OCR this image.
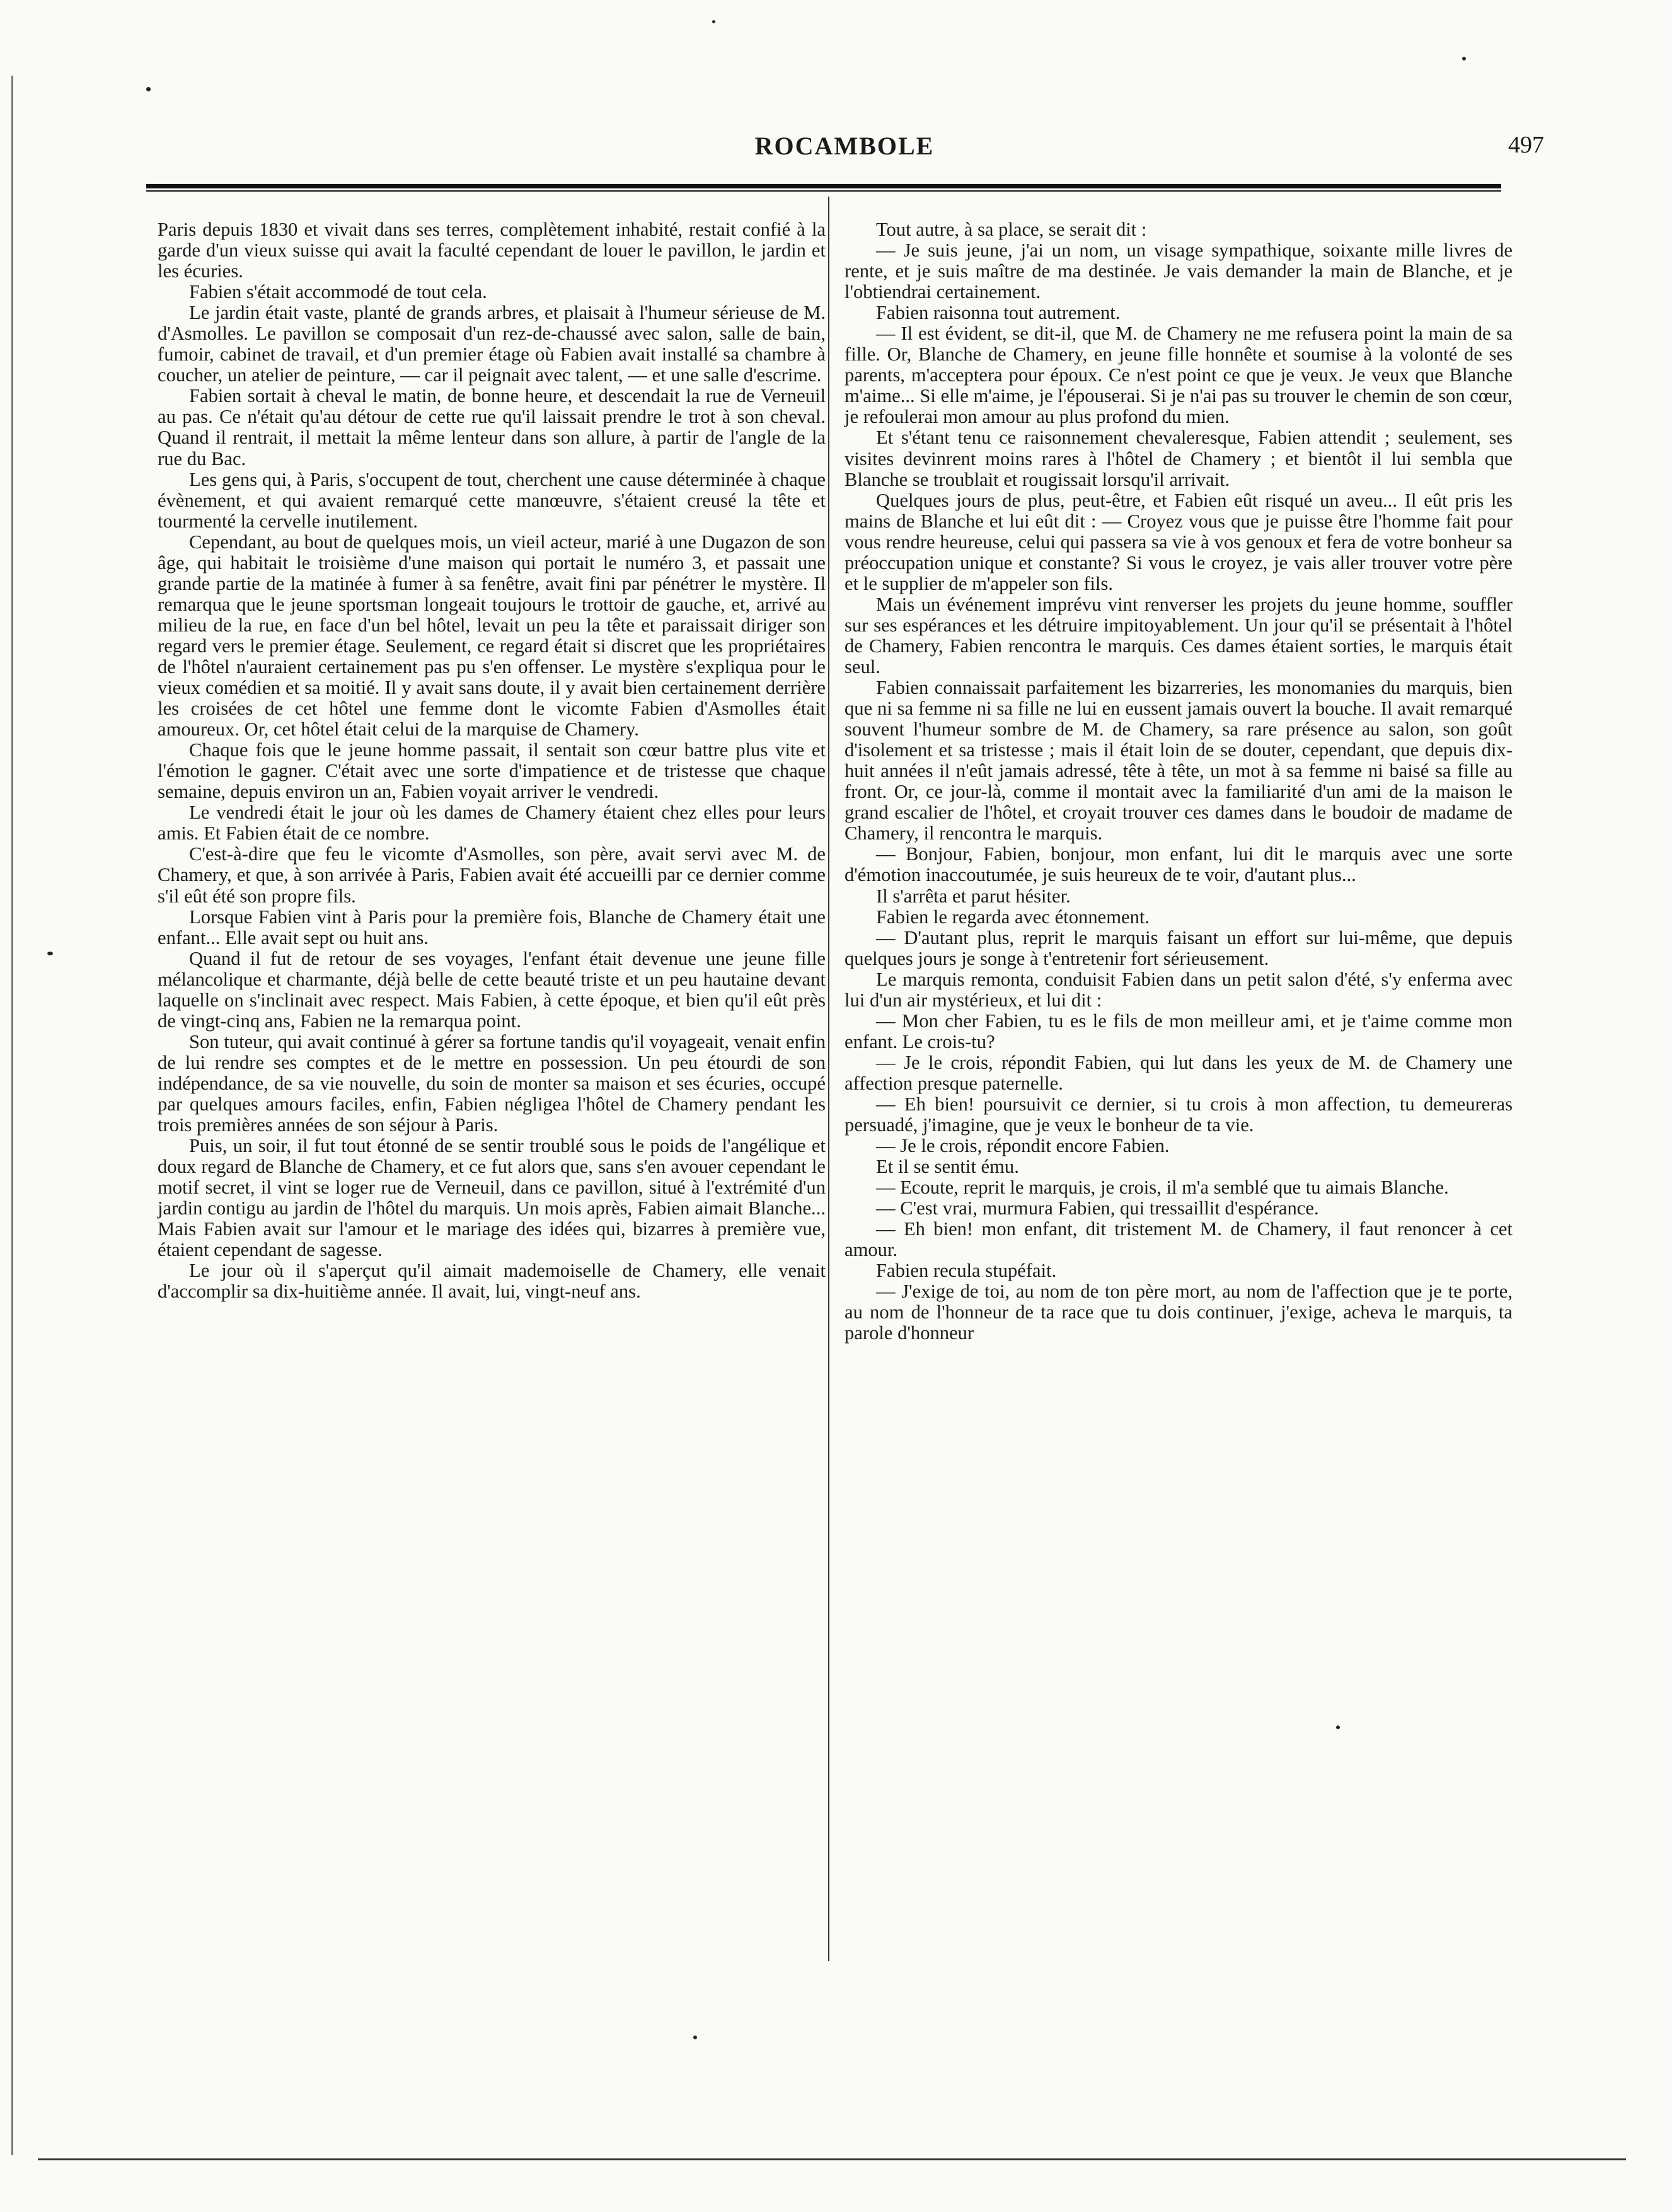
ROCAMBOLE	497

Paris depuis 1830 et vivait dans ses terres, complètement inhabité, restait confié à la garde d'un vieux suisse qui avait la faculté cependant de louer le pavillon, le jardin et les écuries.

Fabien s'était accommodé de tout cela.

Le jardin était vaste, planté de grands arbres, et plaisait à l'humeur sérieuse de M. d'Asmolles. Le pavillon se composait d'un rez-de-chaussé avec salon, salle de bain, fumoir, cabinet de travail, et d'un premier étage où Fabien avait installé sa chambre à coucher, un atelier de peinture, — car il peignait avec talent, — et une salle d'escrime.

Fabien sortait à cheval le matin, de bonne heure, et descendait la rue de Verneuil au pas. Ce n'était qu'au détour de cette rue qu'il laissait prendre le trot à son cheval. Quand il rentrait, il mettait la même lenteur dans son allure, à partir de l'angle de la rue du Bac.

Les gens qui, à Paris, s'occupent de tout, cherchent une cause déterminée à chaque évènement, et qui avaient remarqué cette manœuvre, s'étaient creusé la tête et tourmenté la cervelle inutilement.

Cependant, au bout de quelques mois, un vieil acteur, marié à une Dugazon de son âge, qui habitait le troisième d'une maison qui portait le numéro 3, et passait une grande partie de la matinée à fumer à sa fenêtre, avait fini par pénétrer le mystère. Il remarqua que le jeune sportsman longeait toujours le trottoir de gauche, et, arrivé au milieu de la rue, en face d'un bel hôtel, levait un peu la tête et paraissait diriger son regard vers le premier étage. Seulement, ce regard était si discret que les propriétaires de l'hôtel n'auraient certainement pas pu s'en offenser. Le mystère s'expliqua pour le vieux comédien et sa moitié. Il y avait sans doute, il y avait bien certainement derrière les croisées de cet hôtel une femme dont le vicomte Fabien d'Asmolles était amoureux. Or, cet hôtel était celui de la marquise de Chamery.

Chaque fois que le jeune homme passait, il sentait son cœur battre plus vite et l'émotion le gagner. C'était avec une sorte d'impatience et de tristesse que chaque semaine, depuis environ un an, Fabien voyait arriver le vendredi.

Le vendredi était le jour où les dames de Chamery étaient chez elles pour leurs amis. Et Fabien était de ce nombre.

C'est-à-dire que feu le vicomte d'Asmolles, son père, avait servi avec M. de Chamery, et que, à son arrivée à Paris, Fabien avait été accueilli par ce dernier comme s'il eût été son propre fils.

Lorsque Fabien vint à Paris pour la première fois, Blanche de Chamery était une enfant... Elle avait sept ou huit ans.

Quand il fut de retour de ses voyages, l'enfant était devenue une jeune fille mélancolique et charmante, déjà belle de cette beauté triste et un peu hautaine devant laquelle on s'inclinait avec respect. Mais Fabien, à cette époque, et bien qu'il eût près de vingt-cinq ans, Fabien ne la remarqua point.

Son tuteur, qui avait continué à gérer sa fortune tandis qu'il voyageait, venait enfin de lui rendre ses comptes et de le mettre en possession. Un peu étourdi de son indépendance, de sa vie nouvelle, du soin de monter sa maison et ses écuries, occupé par quelques amours faciles, enfin, Fabien négligea l'hôtel de Chamery pendant les trois premières années de son séjour à Paris.

Puis, un soir, il fut tout étonné de se sentir troublé sous le poids de l'angélique et doux regard de Blanche de Chamery, et ce fut alors que, sans s'en avouer cependant le motif secret, il vint se loger rue de Verneuil, dans ce pavillon, situé à l'extrémité d'un jardin contigu au jardin de l'hôtel du marquis. Un mois après, Fabien aimait Blanche... Mais Fabien avait sur l'amour et le mariage des idées qui, bizarres à première vue, étaient cependant de sagesse.

Le jour où il s'aperçut qu'il aimait mademoiselle de Chamery, elle venait d'accomplir sa dix-huitième année. Il avait, lui, vingt-neuf ans.

Tout autre, à sa place, se serait dit :

— Je suis jeune, j'ai un nom, un visage sympathique, soixante mille livres de rente, et je suis maître de ma destinée. Je vais demander la main de Blanche, et je l'obtiendrai certainement.

Fabien raisonna tout autrement.

— Il est évident, se dit-il, que M. de Chamery ne me refusera point la main de sa fille. Or, Blanche de Chamery, en jeune fille honnête et soumise à la volonté de ses parents, m'acceptera pour époux. Ce n'est point ce que je veux. Je veux que Blanche m'aime... Si elle m'aime, je l'épouserai. Si je n'ai pas su trouver le chemin de son cœur, je refoulerai mon amour au plus profond du mien.

Et s'étant tenu ce raisonnement chevaleresque, Fabien attendit ; seulement, ses visites devinrent moins rares à l'hôtel de Chamery ; et bientôt il lui sembla que Blanche se troublait et rougissait lorsqu'il arrivait.

Quelques jours de plus, peut-être, et Fabien eût risqué un aveu... Il eût pris les mains de Blanche et lui eût dit : — Croyez vous que je puisse être l'homme fait pour vous rendre heureuse, celui qui passera sa vie à vos genoux et fera de votre bonheur sa préoccupation unique et constante? Si vous le croyez, je vais aller trouver votre père et le supplier de m'appeler son fils.

Mais un événement imprévu vint renverser les projets du jeune homme, souffler sur ses espérances et les détruire impitoyablement. Un jour qu'il se présentait à l'hôtel de Chamery, Fabien rencontra le marquis. Ces dames étaient sorties, le marquis était seul.

Fabien connaissait parfaitement les bizarreries, les monomanies du marquis, bien que ni sa femme ni sa fille ne lui en eussent jamais ouvert la bouche. Il avait remarqué souvent l'humeur sombre de M. de Chamery, sa rare présence au salon, son goût d'isolement et sa tristesse ; mais il était loin de se douter, cependant, que depuis dix-huit années il n'eût jamais adressé, tête à tête, un mot à sa femme ni baisé sa fille au front. Or, ce jour-là, comme il montait avec la familiarité d'un ami de la maison le grand escalier de l'hôtel, et croyait trouver ces dames dans le boudoir de madame de Chamery, il rencontra le marquis.

— Bonjour, Fabien, bonjour, mon enfant, lui dit le marquis avec une sorte d'émotion inaccoutumée, je suis heureux de te voir, d'autant plus...

Il s'arrêta et parut hésiter.

Fabien le regarda avec étonnement.

— D'autant plus, reprit le marquis faisant un effort sur lui-même, que depuis quelques jours je songe à t'entretenir fort sérieusement.

Le marquis remonta, conduisit Fabien dans un petit salon d'été, s'y enferma avec lui d'un air mystérieux, et lui dit :

— Mon cher Fabien, tu es le fils de mon meilleur ami, et je t'aime comme mon enfant. Le crois-tu?

— Je le crois, répondit Fabien, qui lut dans les yeux de M. de Chamery une affection presque paternelle.

— Eh bien! poursuivit ce dernier, si tu crois à mon affection, tu demeureras persuadé, j'imagine, que je veux le bonheur de ta vie.

— Je le crois, répondit encore Fabien.

Et il se sentit ému.

— Ecoute, reprit le marquis, je crois, il m'a semblé que tu aimais Blanche.

— C'est vrai, murmura Fabien, qui tressaillit d'espérance.

— Eh bien! mon enfant, dit tristement M. de Chamery, il faut renoncer à cet amour.

Fabien recula stupéfait.

— J'exige de toi, au nom de ton père mort, au nom de l'affection que je te porte, au nom de l'honneur de ta race que tu dois continuer, j'exige, acheva le marquis, ta parole d'honneur
